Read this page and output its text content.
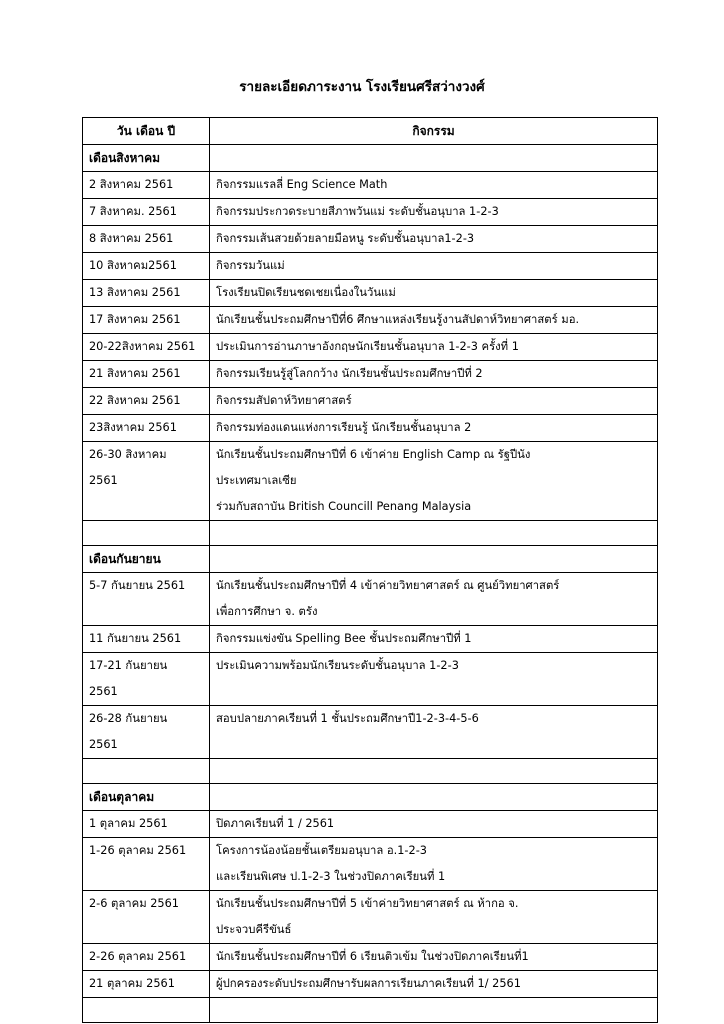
รายละเอียดภาระงาน โรงเรียนศรีสว่างวงศ์
วัน เดือน ปี	กิจกรรม
เดือนสิงหาคม	

2 สิงหาคม 2561	กิจกรรมแรลลี่ Eng Science Math

7 สิงหาคม. 2561	กิจกรรมประกวดระบายสีภาพวันแม่ ระดับชั้นอนุบาล 1-2-3

8 สิงหาคม 2561	กิจกรรมเส้นสวยด้วยลายมือหนู ระดับชั้นอนุบาล1-2-3

10 สิงหาคม2561	กิจกรรมวันแม่

13 สิงหาคม 2561	โรงเรียนปิดเรียนชดเชยเนื่องในวันแม่

17 สิงหาคม 2561	นักเรียนชั้นประถมศึกษาปีที่6 ศึกษาแหล่งเรียนรู้งานสัปดาห์วิทยาศาสตร์ มอ.

20-22สิงหาคม 2561	ประเมินการอ่านภาษาอังกฤษนักเรียนชั้นอนุบาล 1-2-3 ครั้งที่ 1

21 สิงหาคม 2561	กิจกรรมเรียนรู้สู่โลกกว้าง นักเรียนชั้นประถมศึกษาปีที่ 2

22 สิงหาคม 2561	กิจกรรมสัปดาห์วิทยาศาสตร์

23สิงหาคม 2561	กิจกรรมท่องแดนแห่งการเรียนรู้ นักเรียนชั้นอนุบาล 2

26-30 สิงหาคม
2561	นักเรียนชั้นประถมศึกษาปีที่ 6 เข้าค่าย English Camp ณ รัฐปีนัง
ประเทศมาเลเซีย
ร่วมกับสถาบัน British Councill Penang Malaysia

เดือนกันยายน	

5-7 กันยายน 2561	นักเรียนชั้นประถมศึกษาปีที่ 4 เข้าค่ายวิทยาศาสตร์ ณ ศูนย์วิทยาศาสตร์
เพื่อการศึกษา จ. ตรัง

11 กันยายน 2561	กิจกรรมแข่งขัน Spelling Bee ชั้นประถมศึกษาปีที่ 1

17-21 กันยายน
2561	ประเมินความพร้อมนักเรียนระดับชั้นอนุบาล 1-2-3

26-28 กันยายน
2561	สอบปลายภาคเรียนที่ 1 ชั้นประถมศึกษาปี1-2-3-4-5-6

เดือนตุลาคม	

1 ตุลาคม 2561	ปิดภาคเรียนที่ 1 / 2561

1-26 ตุลาคม 2561	โครงการน้องน้อยชั้นเตรียมอนุบาล อ.1-2-3
และเรียนพิเศษ ป.1-2-3 ในช่วงปิดภาคเรียนที่ 1

2-6 ตุลาคม 2561	นักเรียนชั้นประถมศึกษาปีที่ 5 เข้าค่ายวิทยาศาสตร์ ณ ห้ากอ จ.
ประจวบคีรีขันธ์

2-26 ตุลาคม 2561	นักเรียนชั้นประถมศึกษาปีที่ 6 เรียนติวเข้ม ในช่วงปิดภาคเรียนที่1

21 ตุลาคม 2561	ผู้ปกครองระดับประถมศึกษารับผลการเรียนภาคเรียนที่ 1/ 2561
